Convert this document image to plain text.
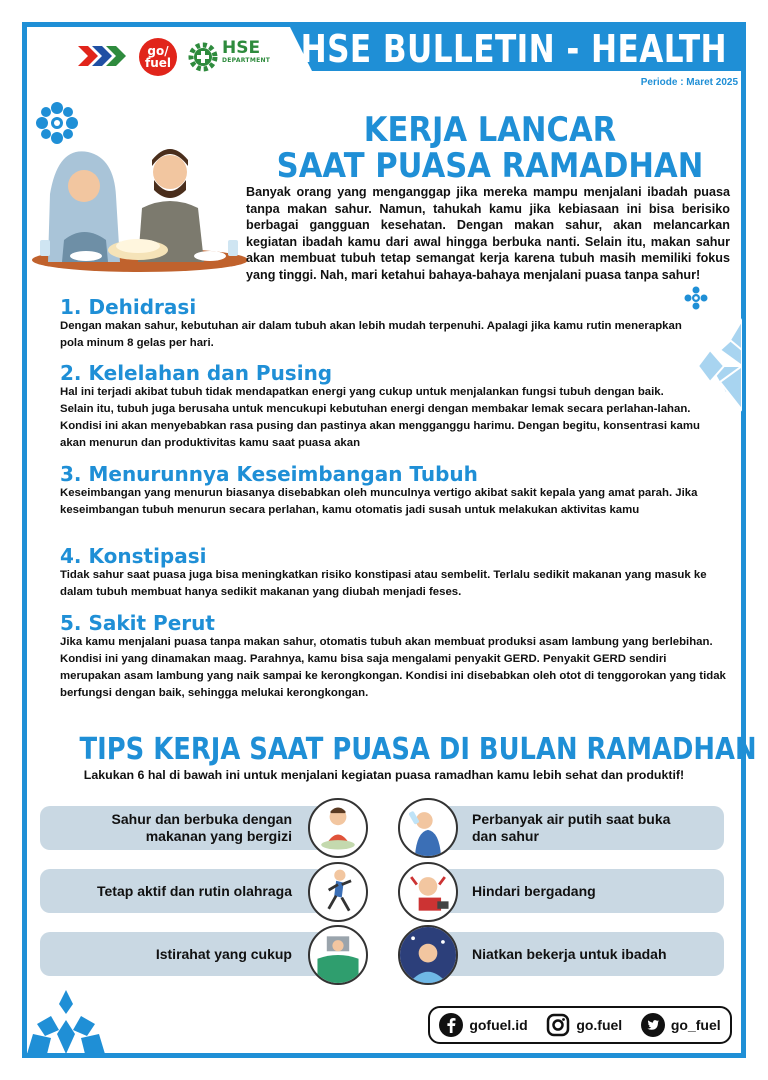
HSE BULLETIN - HEALTH
Periode : Maret 2025
go/
fuel
HSE
DEPARTMENT
KERJA LANCAR
SAAT PUASA RAMADHAN

Banyak orang yang menganggap jika mereka mampu menjalani ibadah puasa tanpa makan sahur. Namun, tahukah kamu jika kebiasaan ini bisa berisiko berbagai gangguan kesehatan. Dengan makan sahur, akan melancarkan kegiatan ibadah kamu dari awal hingga berbuka nanti. Selain itu, makan sahur akan membuat tubuh tetap semangat kerja karena tubuh masih memiliki fokus yang tinggi. Nah, mari ketahui bahaya-bahaya menjalani puasa tanpa sahur!

1. Dehidrasi

Dengan makan sahur, kebutuhan air dalam tubuh akan lebih mudah terpenuhi. Apalagi jika kamu rutin menerapkan pola minum 8 gelas per hari.

2. Kelelahan dan Pusing

Hal ini terjadi akibat tubuh tidak mendapatkan energi yang cukup untuk menjalankan fungsi tubuh dengan baik. Selain itu, tubuh juga berusaha untuk mencukupi kebutuhan energi dengan membakar lemak secara perlahan-lahan. Kondisi ini akan menyebabkan rasa pusing dan pastinya akan mengganggu harimu. Dengan begitu, konsentrasi kamu akan menurun dan produktivitas kamu saat puasa akan

3. Menurunnya Keseimbangan Tubuh

Keseimbangan yang menurun biasanya disebabkan oleh munculnya vertigo akibat sakit kepala yang amat parah. Jika keseimbangan tubuh menurun secara perlahan, kamu otomatis jadi susah untuk melakukan aktivitas kamu

4. Konstipasi

Tidak sahur saat puasa juga bisa meningkatkan risiko konstipasi atau sembelit. Terlalu sedikit makanan yang masuk ke dalam tubuh membuat hanya sedikit makanan yang diubah menjadi feses.

5. Sakit Perut

Jika kamu menjalani puasa tanpa makan sahur, otomatis tubuh akan membuat produksi asam lambung yang berlebihan. Kondisi ini yang dinamakan maag. Parahnya, kamu bisa saja mengalami penyakit GERD. Penyakit GERD sendiri merupakan asam lambung yang naik sampai ke kerongkongan. Kondisi ini disebabkan oleh otot di tenggorokan yang tidak berfungsi dengan baik, sehingga melukai kerongkongan.

TIPS KERJA SAAT PUASA DI BULAN RAMADHAN
Lakukan 6 hal di bawah ini untuk menjalani kegiatan puasa ramadhan kamu lebih sehat dan produktif!
Sahur dan berbuka dengan makanan yang bergizi
Perbanyak air putih saat buka dan sahur
Tetap aktif dan rutin olahraga	Hindari bergadang
Istirahat yang cukup	Niatkan bekerja untuk ibadah
gofuel.id	go.fuel	go_fuel
